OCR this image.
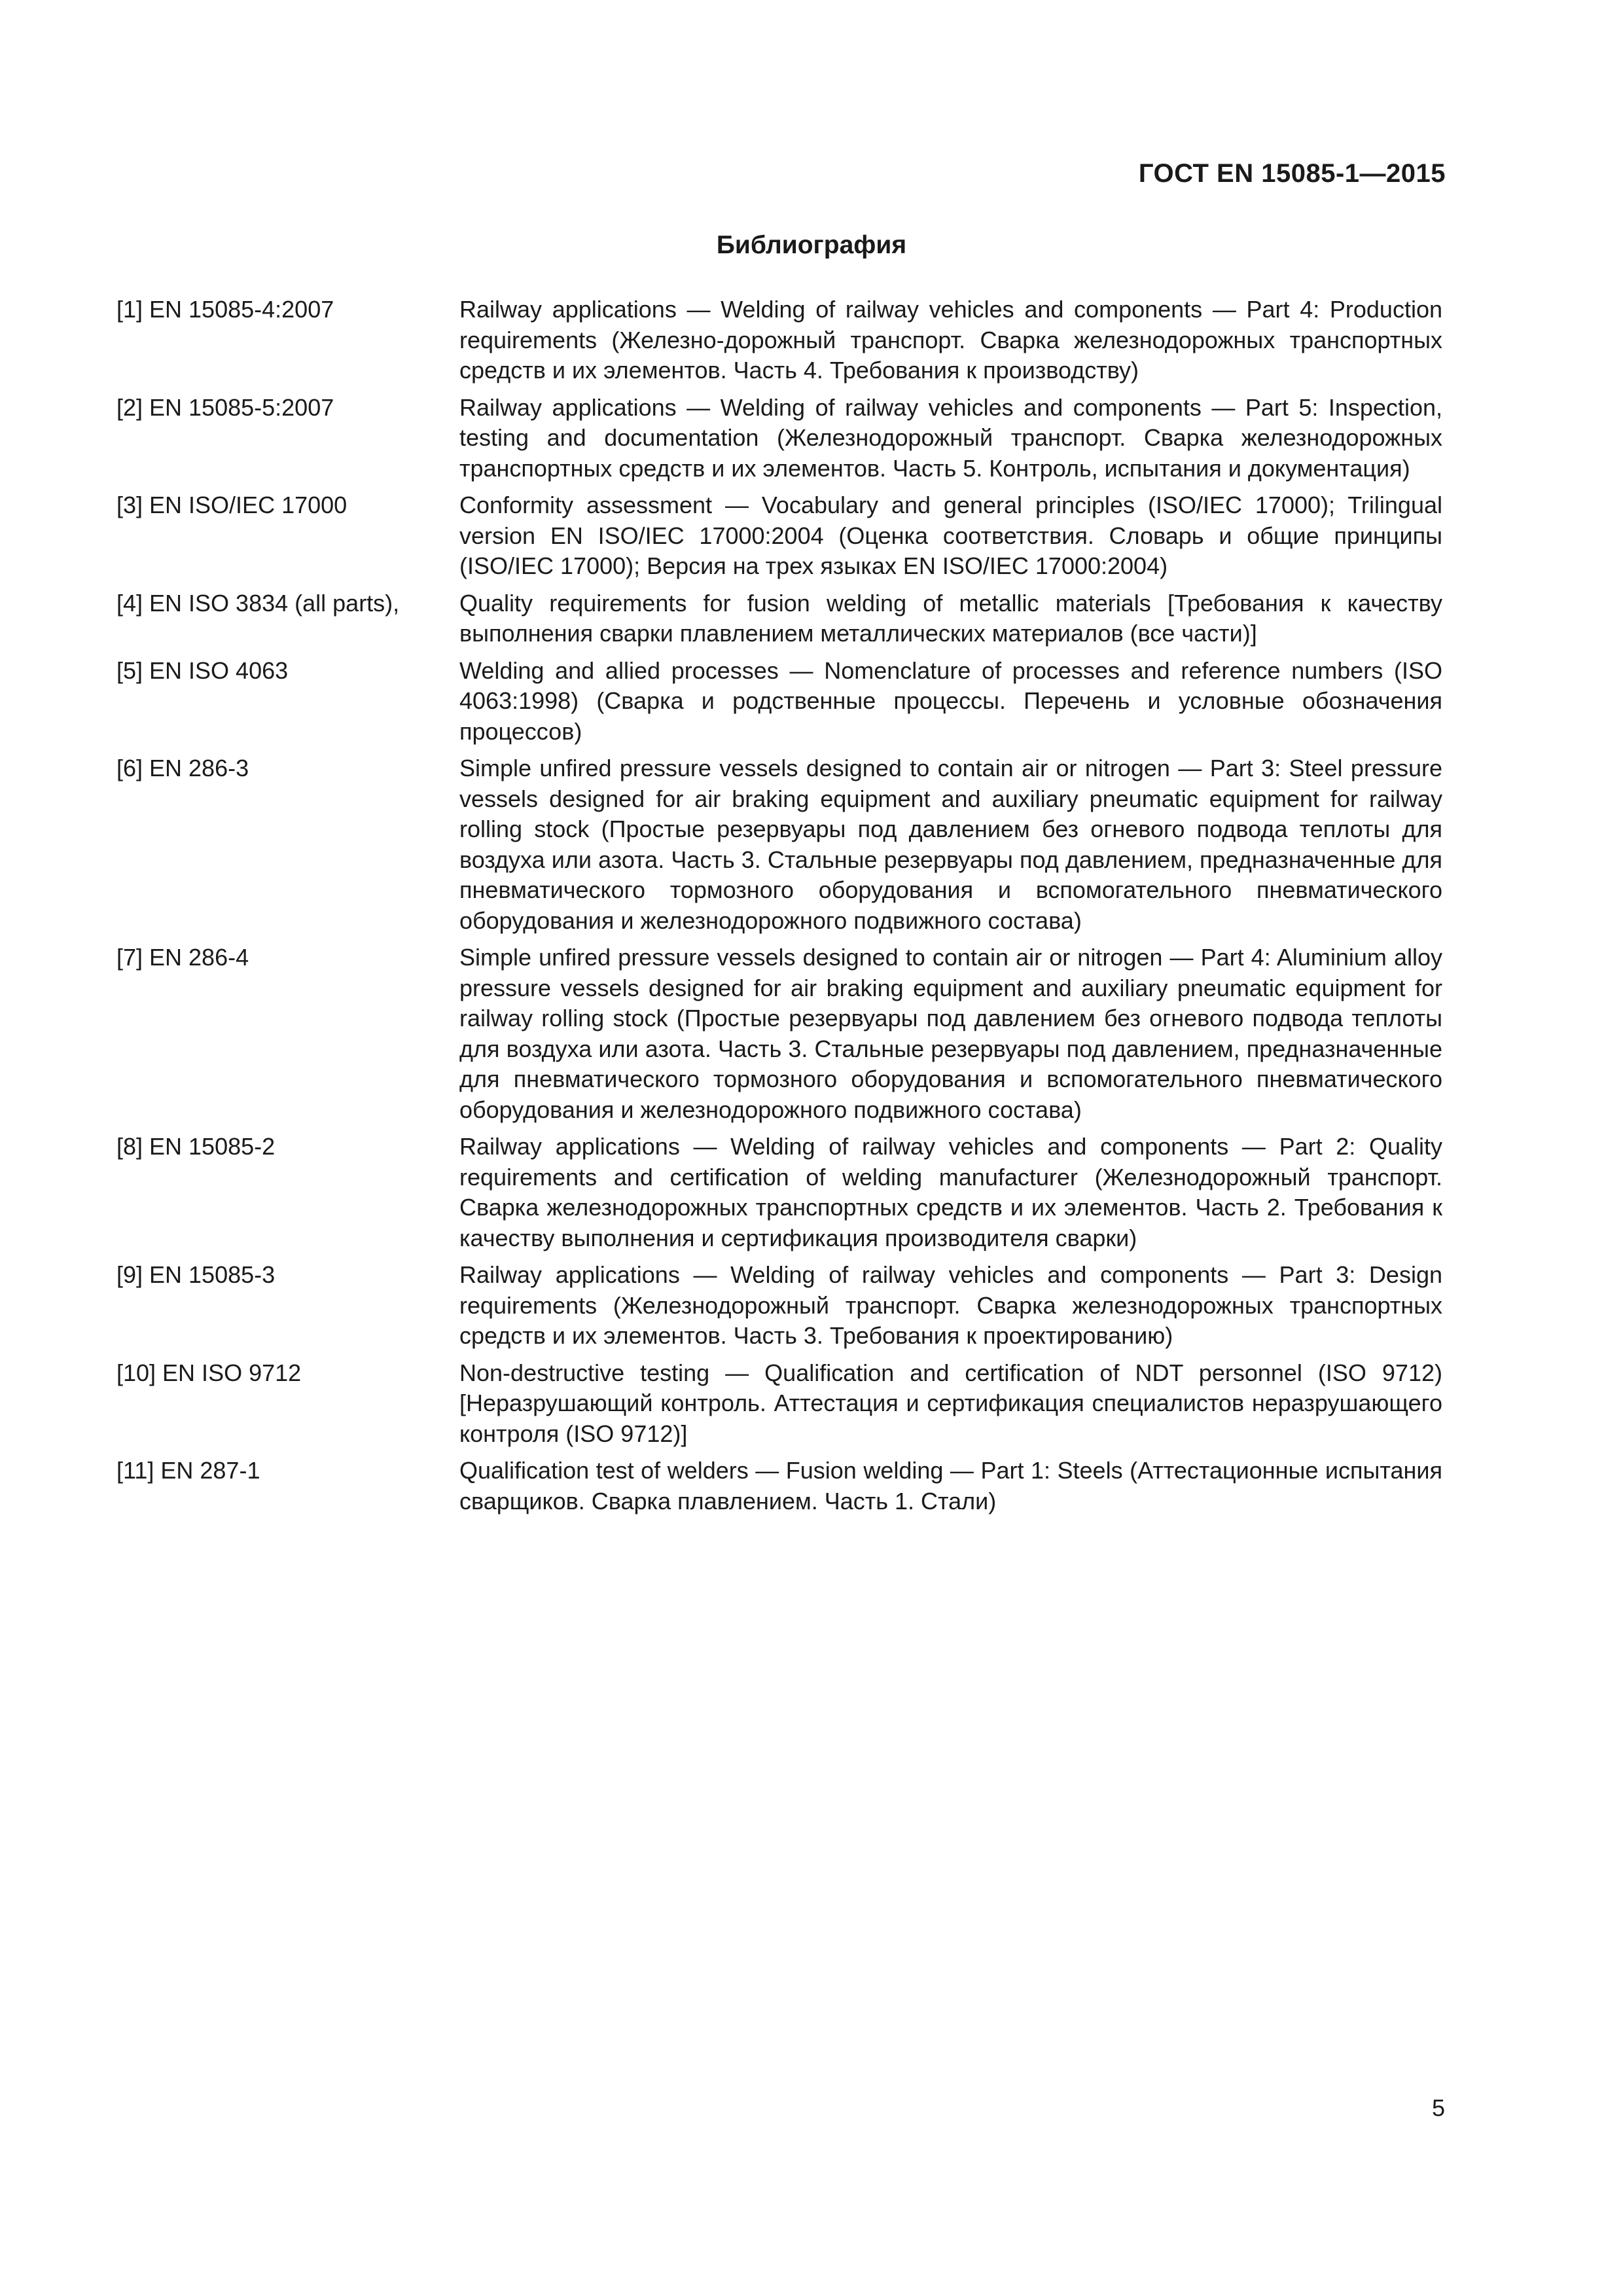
ГОСТ EN 15085-1—2015
Библиография
[1] EN 15085-4:2007	Railway applications — Welding of railway vehicles and components — Part 4: Production requirements (Железно-дорожный транспорт. Сварка железнодорожных транспортных средств и их элементов. Часть 4. Требования к производству)
[2] EN 15085-5:2007	Railway applications — Welding of railway vehicles and components — Part 5: Inspection, testing and documentation (Железнодорожный транспорт. Сварка железнодорожных транспортных средств и их элементов. Часть 5. Контроль, испытания и документация)
[3] EN ISO/IEC 17000	Conformity assessment — Vocabulary and general principles (ISO/IEC 17000); Trilingual version EN ISO/IEC 17000:2004 (Оценка соответствия. Словарь и общие принципы (ISO/IEC 17000); Версия на трех языках EN ISO/IEC 17000:2004)
[4] EN ISO 3834 (all parts),	Quality requirements for fusion welding of metallic materials [Требования к качеству выполнения сварки плавлением металлических материалов (все части)]
[5] EN ISO 4063	Welding and allied processes — Nomenclature of processes and reference numbers (ISO 4063:1998) (Сварка и родственные процессы. Перечень и условные обозначения процессов)
[6] EN 286-3	Simple unfired pressure vessels designed to contain air or nitrogen — Part 3: Steel pressure vessels designed for air braking equipment and auxiliary pneumatic equipment for railway rolling stock (Простые резервуары под давлением без огневого подвода теплоты для воздуха или азота. Часть 3. Стальные резервуары под давлением, предназначенные для пневматического тормозного оборудования и вспомогательного пневматического оборудования и железнодорожного подвижного состава)
[7] EN 286-4	Simple unfired pressure vessels designed to contain air or nitrogen — Part 4: Aluminium alloy pressure vessels designed for air braking equipment and auxiliary pneumatic equipment for railway rolling stock (Простые резервуары под давлением без огневого подвода теплоты для воздуха или азота. Часть 3. Стальные резервуары под давлением, предназначенные для пневматического тормозного оборудования и вспомогательного пневматического оборудования и железнодорожного подвижного состава)
[8] EN 15085-2	Railway applications — Welding of railway vehicles and components — Part 2: Quality requirements and certification of welding manufacturer (Железнодорожный транспорт. Сварка железнодорожных транспортных средств и их элементов. Часть 2. Требования к качеству выполнения и сертификация производителя сварки)
[9] EN 15085-3	Railway applications — Welding of railway vehicles and components — Part 3: Design requirements (Железнодорожный транспорт. Сварка железнодорожных транспортных средств и их элементов. Часть 3. Требования к проектированию)
[10] EN ISO 9712	Non-destructive testing — Qualification and certification of NDT personnel (ISO 9712) [Неразрушающий контроль. Аттестация и сертификация специалистов неразрушающего контроля (ISO 9712)]
[11] EN 287-1	Qualification test of welders — Fusion welding — Part 1: Steels (Аттестационные испытания сварщиков. Сварка плавлением. Часть 1. Стали)
5
